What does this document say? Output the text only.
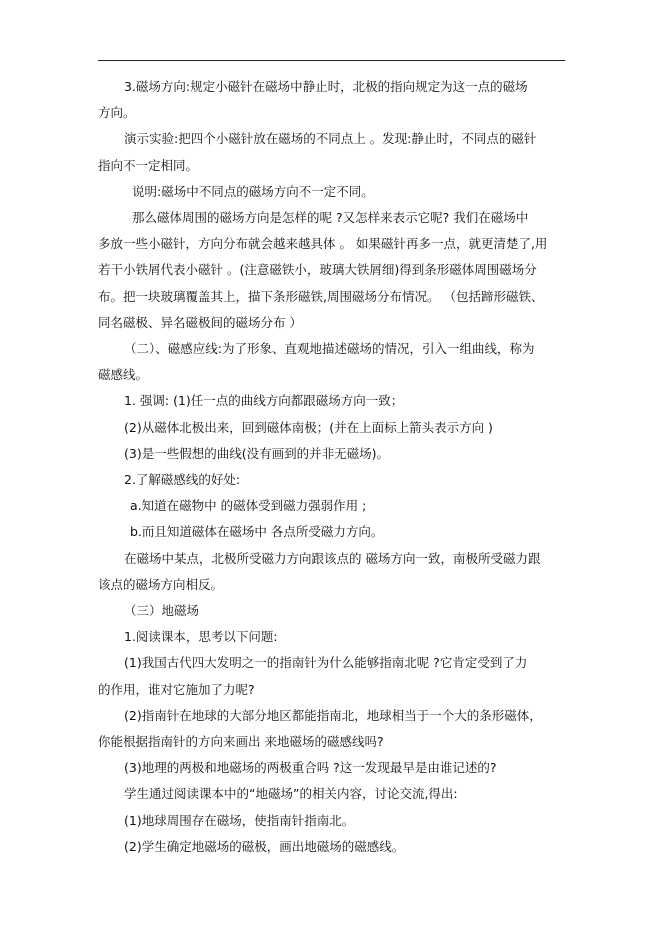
3.磁场方向:规定小磁针在磁场中静止时，北极的指向规定为这一点的磁场
方向。
演示实验:把四个小磁针放在磁场的不同点上 。发现:静止时，不同点的磁针
指向不一定相同。
说明:磁场中不同点的磁场方向不一定不同。
那么磁体周围的磁场方向是怎样的呢 ?又怎样来表示它呢? 我们在磁场中
多放一些小磁针，方向分布就会越来越具体 。 如果磁针再多一点，就更清楚了,用
若干小铁屑代表小磁针 。(注意磁铁小，玻璃大铁屑细)得到条形磁体周围磁场分
布。把一块玻璃覆盖其上，描下条形磁铁,周围磁场分布情况。 （包括蹄形磁铁、
同名磁极、异名磁极间的磁场分布 ）
（二）、磁感应线:为了形象、直观地描述磁场的情况，引入一组曲线，称为
磁感线。
1. 强调: (1)任一点的曲线方向都跟磁场方向一致；
(2)从磁体北极出来，回到磁体南极；(并在上面标上箭头表示方向 )
(3)是一些假想的曲线(没有画到的并非无磁场)。
2.了解磁感线的好处:
a.知道在磁物中 的磁体受到磁力强弱作用 ;
b.而且知道磁体在磁场中 各点所受磁力方向。
在磁场中某点，北极所受磁力方向跟该点的 磁场方向一致，南极所受磁力跟
该点的磁场方向相反。
（三）地磁场
1.阅读课本，思考以下问题:
(1)我国古代四大发明之一的指南针为什么能够指南北呢 ?它肯定受到了力
的作用，谁对它施加了力呢?
(2)指南针在地球的大部分地区都能指南北，地球相当于一个大的条形磁体，
你能根据指南针的方向来画出 来地磁场的磁感线吗?
(3)地理的两极和地磁场的两极重合吗 ?这一发现最早是由谁记述的?
学生通过阅读课本中的“地磁场”的相关内容，讨论交流,得出:
(1)地球周围存在磁场，使指南针指南北。
(2)学生确定地磁场的磁极，画出地磁场的磁感线。
